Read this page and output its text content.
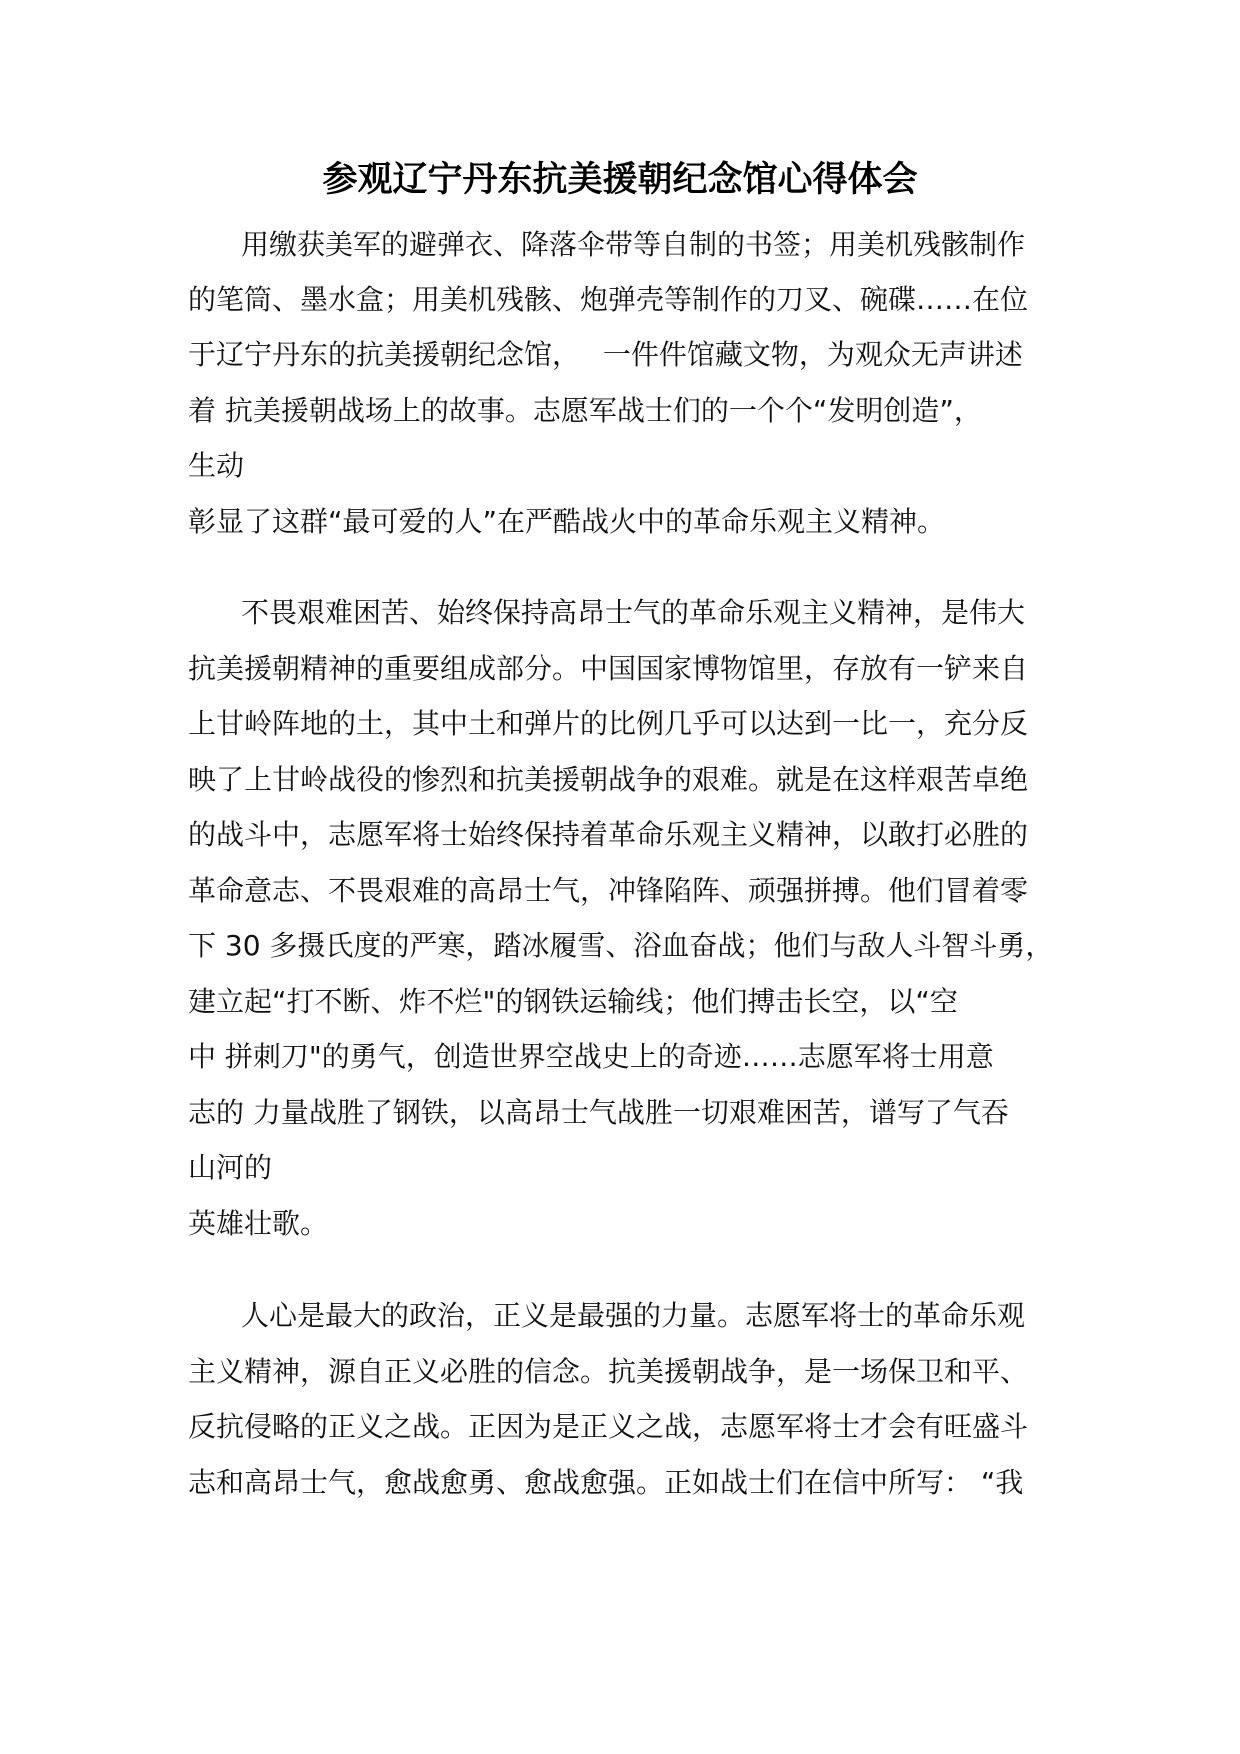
参观辽宁丹东抗美援朝纪念馆心得体会
用缴获美军的避弹衣、降落伞带等自制的书签；用美机残骸制作
的笔筒、墨水盒；用美机残骸、炮弹壳等制作的刀叉、碗碟……在位
于辽宁丹东的抗美援朝纪念馆，　 一件件馆藏文物，为观众无声讲述
着 抗美援朝战场上的故事。志愿军战士们的一个个“发明创造”，
生动
彰显了这群“最可爱的人”在严酷战火中的革命乐观主义精神。
不畏艰难困苦、始终保持高昂士气的革命乐观主义精神，是伟大
抗美援朝精神的重要组成部分。中国国家博物馆里，存放有一铲来自
上甘岭阵地的土，其中土和弹片的比例几乎可以达到一比一，充分反
映了上甘岭战役的惨烈和抗美援朝战争的艰难。就是在这样艰苦卓绝
的战斗中，志愿军将士始终保持着革命乐观主义精神，以敢打必胜的
革命意志、不畏艰难的高昂士气，冲锋陷阵、顽强拼搏。他们冒着零
下 30 多摄氏度的严寒，踏冰履雪、浴血奋战；他们与敌人斗智斗勇，
建立起“打不断、炸不烂"的钢铁运输线；他们搏击长空，以“空
中 拼刺刀"的勇气，创造世界空战史上的奇迹……志愿军将士用意
志的 力量战胜了钢铁，以高昂士气战胜一切艰难困苦，谱写了气吞
山河的
英雄壮歌。
人心是最大的政治，正义是最强的力量。志愿军将士的革命乐观
主义精神，源自正义必胜的信念。抗美援朝战争，是一场保卫和平、
反抗侵略的正义之战。正因为是正义之战，志愿军将士才会有旺盛斗
志和高昂士气，愈战愈勇、愈战愈强。正如战士们在信中所写： “我
